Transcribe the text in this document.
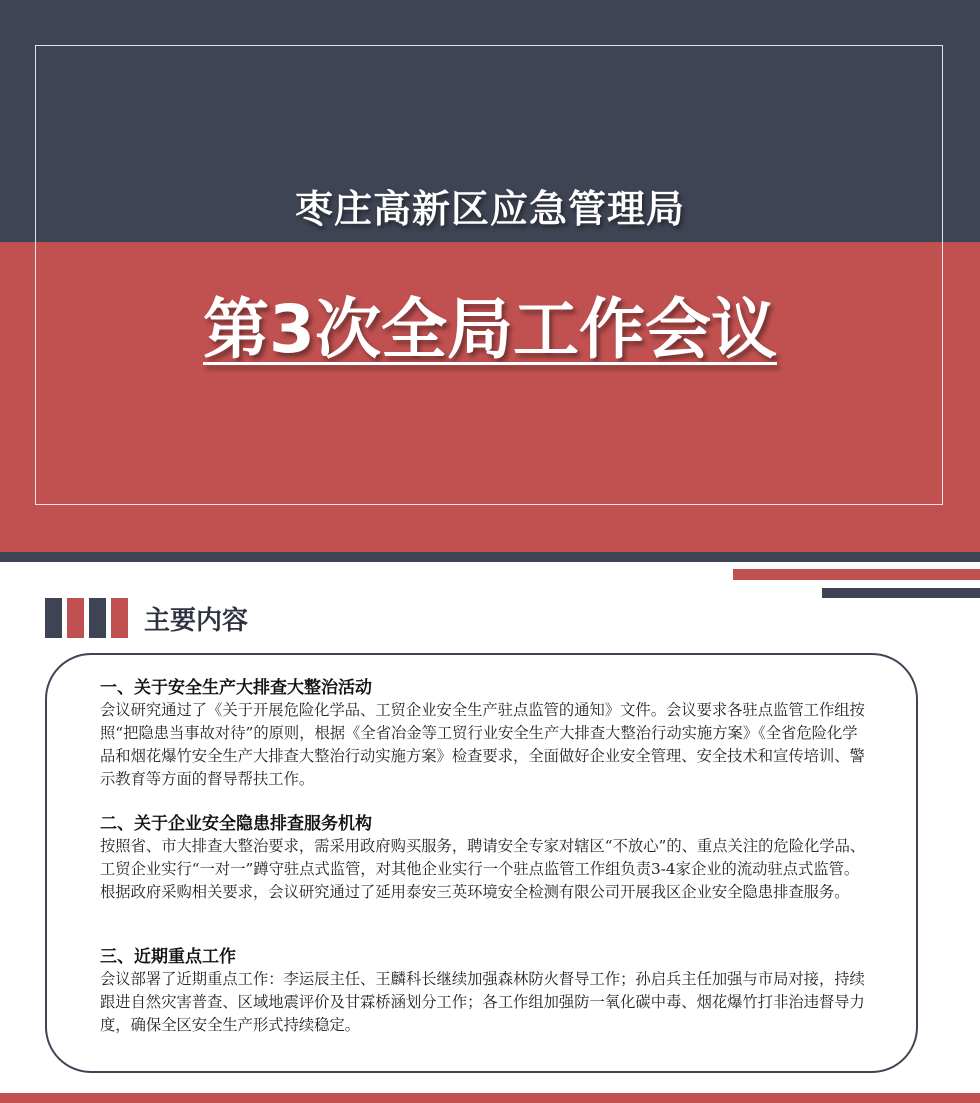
枣庄高新区应急管理局
第3次全局工作会议
主要内容
一、关于安全生产大排查大整治活动

会议研究通过了《关于开展危险化学品、工贸企业安全生产驻点监管的通知》文件。会议要求各驻点监管工作组按照“把隐患当事故对待”的原则，根据《全省冶金等工贸行业安全生产大排查大整治行动实施方案》《全省危险化学品和烟花爆竹安全生产大排查大整治行动实施方案》检查要求，全面做好企业安全管理、安全技术和宣传培训、警示教育等方面的督导帮扶工作。

二、关于企业安全隐患排查服务机构

按照省、市大排查大整治要求，需采用政府购买服务，聘请安全专家对辖区“不放心”的、重点关注的危险化学品、工贸企业实行“一对一”蹲守驻点式监管，对其他企业实行一个驻点监管工作组负责3-4家企业的流动驻点式监管。根据政府采购相关要求，会议研究通过了延用泰安三英环境安全检测有限公司开展我区企业安全隐患排查服务。

三、近期重点工作

会议部署了近期重点工作：李运辰主任、王麟科长继续加强森林防火督导工作；孙启兵主任加强与市局对接，持续跟进自然灾害普查、区域地震评价及甘霖桥涵划分工作；各工作组加强防一氧化碳中毒、烟花爆竹打非治违督导力度，确保全区安全生产形式持续稳定。
